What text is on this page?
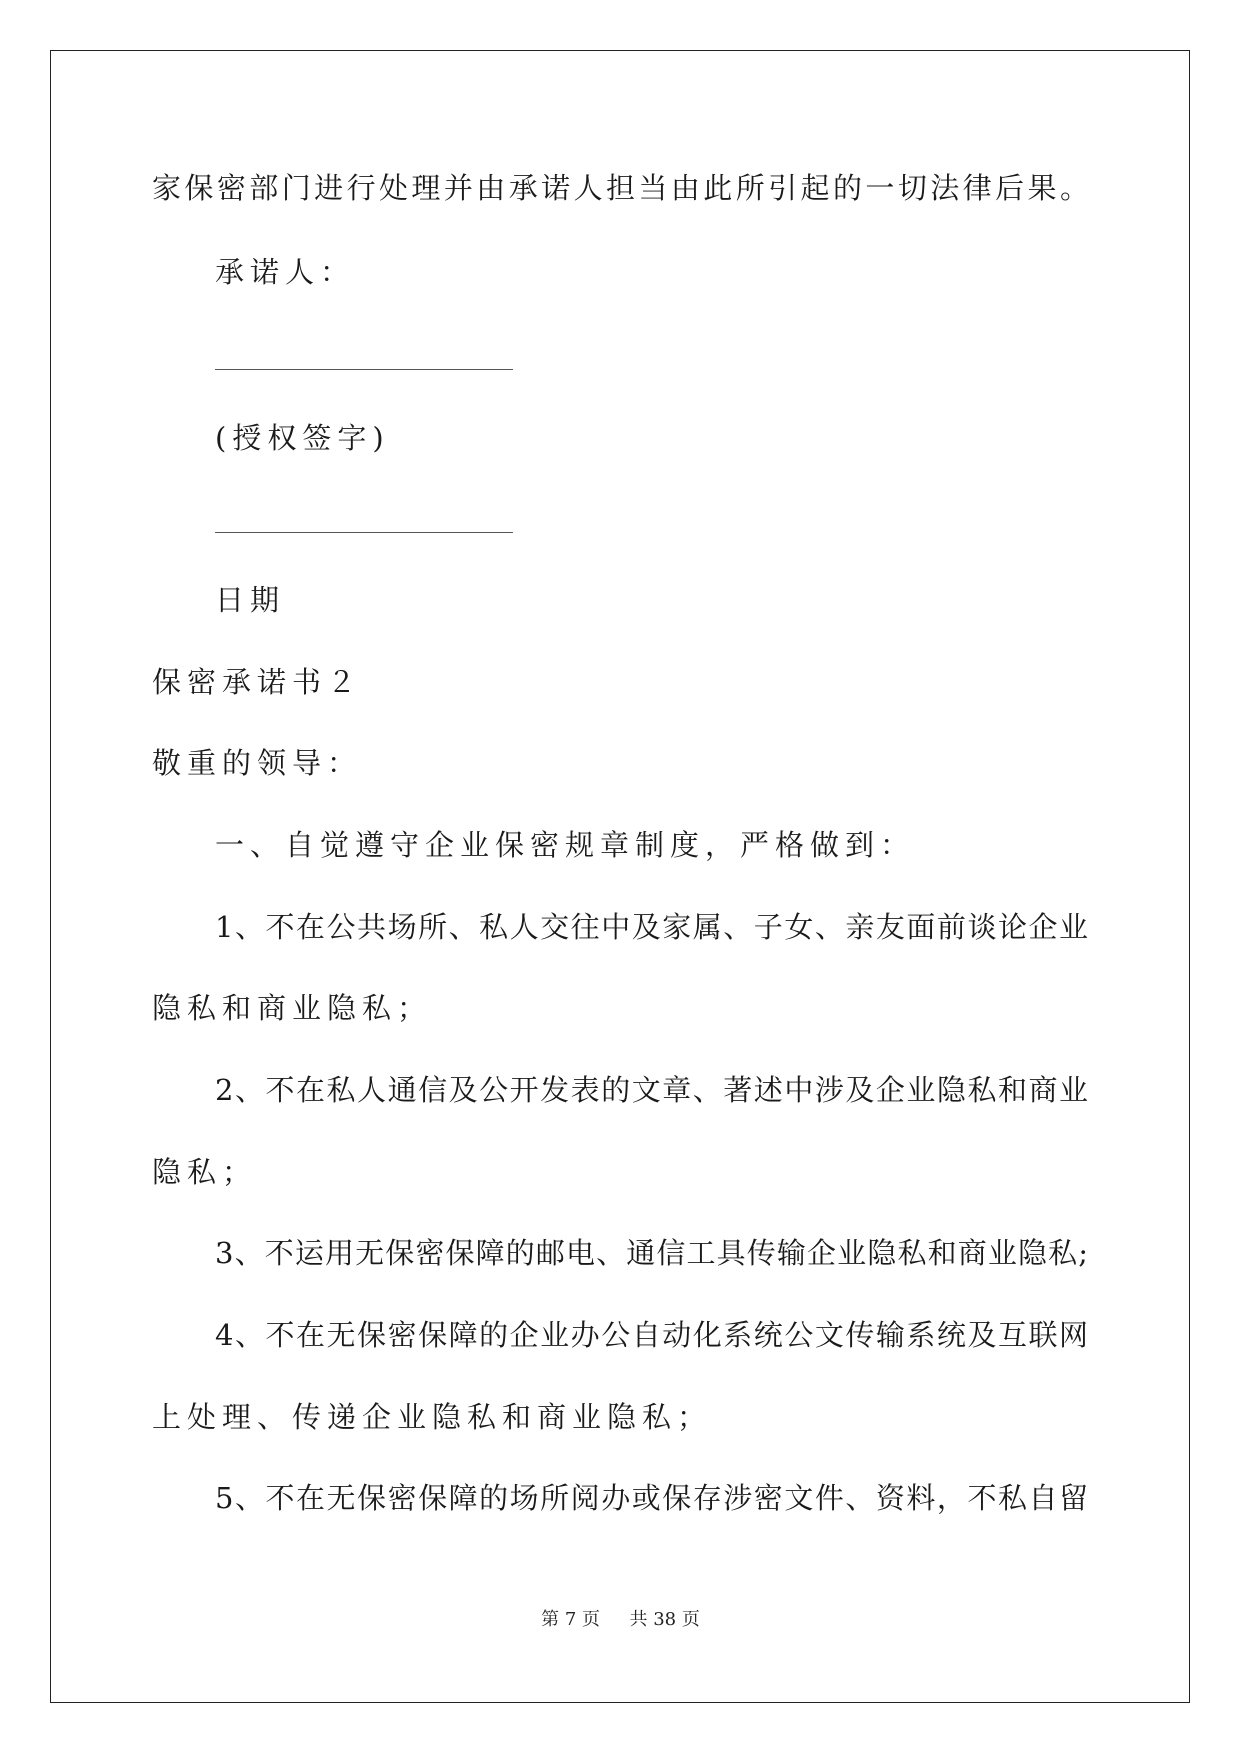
家保密部门进行处理并由承诺人担当由此所引起的一切法律后果。
承诺人：
(授权签字)
日期
保密承诺书２
敬重的领导：
一、自觉遵守企业保密规章制度，严格做到：
1、不在公共场所、私人交往中及家属、子女、亲友面前谈论企业
隐私和商业隐私；
2、不在私人通信及公开发表的文章、著述中涉及企业隐私和商业
隐私；
3、不运用无保密保障的邮电、通信工具传输企业隐私和商业隐私;
4、不在无保密保障的企业办公自动化系统公文传输系统及互联网
上处理、传递企业隐私和商业隐私；
5、不在无保密保障的场所阅办或保存涉密文件、资料，不私自留
第 7 页 共 38 页
